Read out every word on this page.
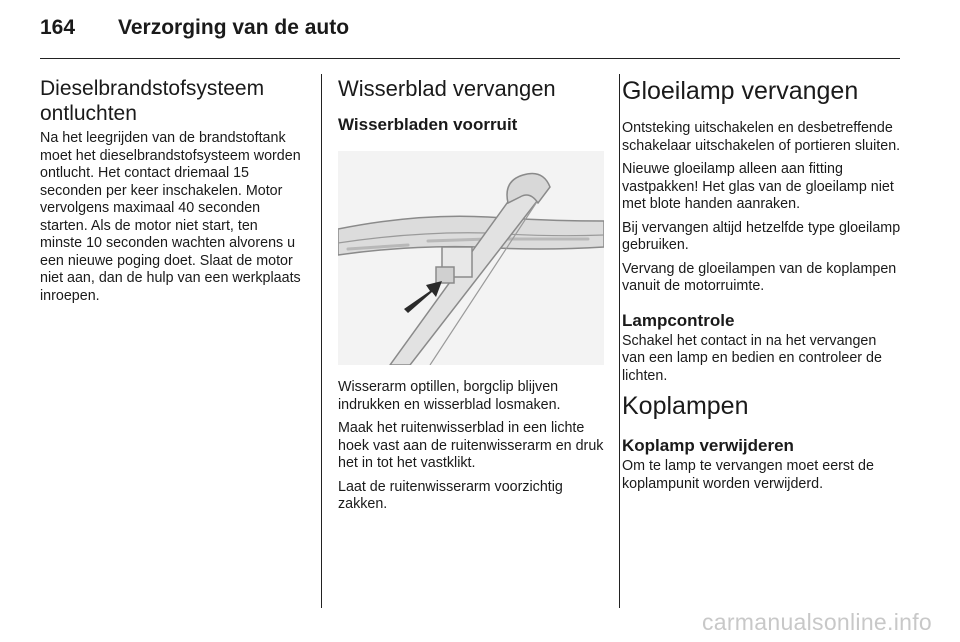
164 Verzorging van de auto
Dieselbrandstofsysteem ontluchten

Na het leegrijden van de brandstoftank moet het dieselbrandstofsysteem worden ontlucht. Het contact driemaal 15 seconden per keer inschakelen. Motor vervolgens maximaal 40 seconden starten. Als de motor niet start, ten minste 10 seconden wachten alvorens u een nieuwe poging doet. Slaat de motor niet aan, dan de hulp van een werkplaats inroepen.

Wisserblad vervangen
Wisserbladen voorruit

Wisserarm optillen, borgclip blijven indrukken en wisserblad losmaken.

Maak het ruitenwisserblad in een lichte hoek vast aan de ruitenwisserarm en druk het in tot het vastklikt.

Laat de ruitenwisserarm voorzichtig zakken.

Gloeilamp vervangen

Ontsteking uitschakelen en desbetreffende schakelaar uitschakelen of portieren sluiten.

Nieuwe gloeilamp alleen aan fitting vastpakken! Het glas van de gloeilamp niet met blote handen aanraken.

Bij vervangen altijd hetzelfde type gloeilamp gebruiken.

Vervang de gloeilampen van de koplampen vanuit de motorruimte.

Lampcontrole

Schakel het contact in na het vervangen van een lamp en bedien en controleer de lichten.

Koplampen
Koplamp verwijderen

Om te lamp te vervangen moet eerst de koplampunit worden verwijderd.

carmanualsonline.info
